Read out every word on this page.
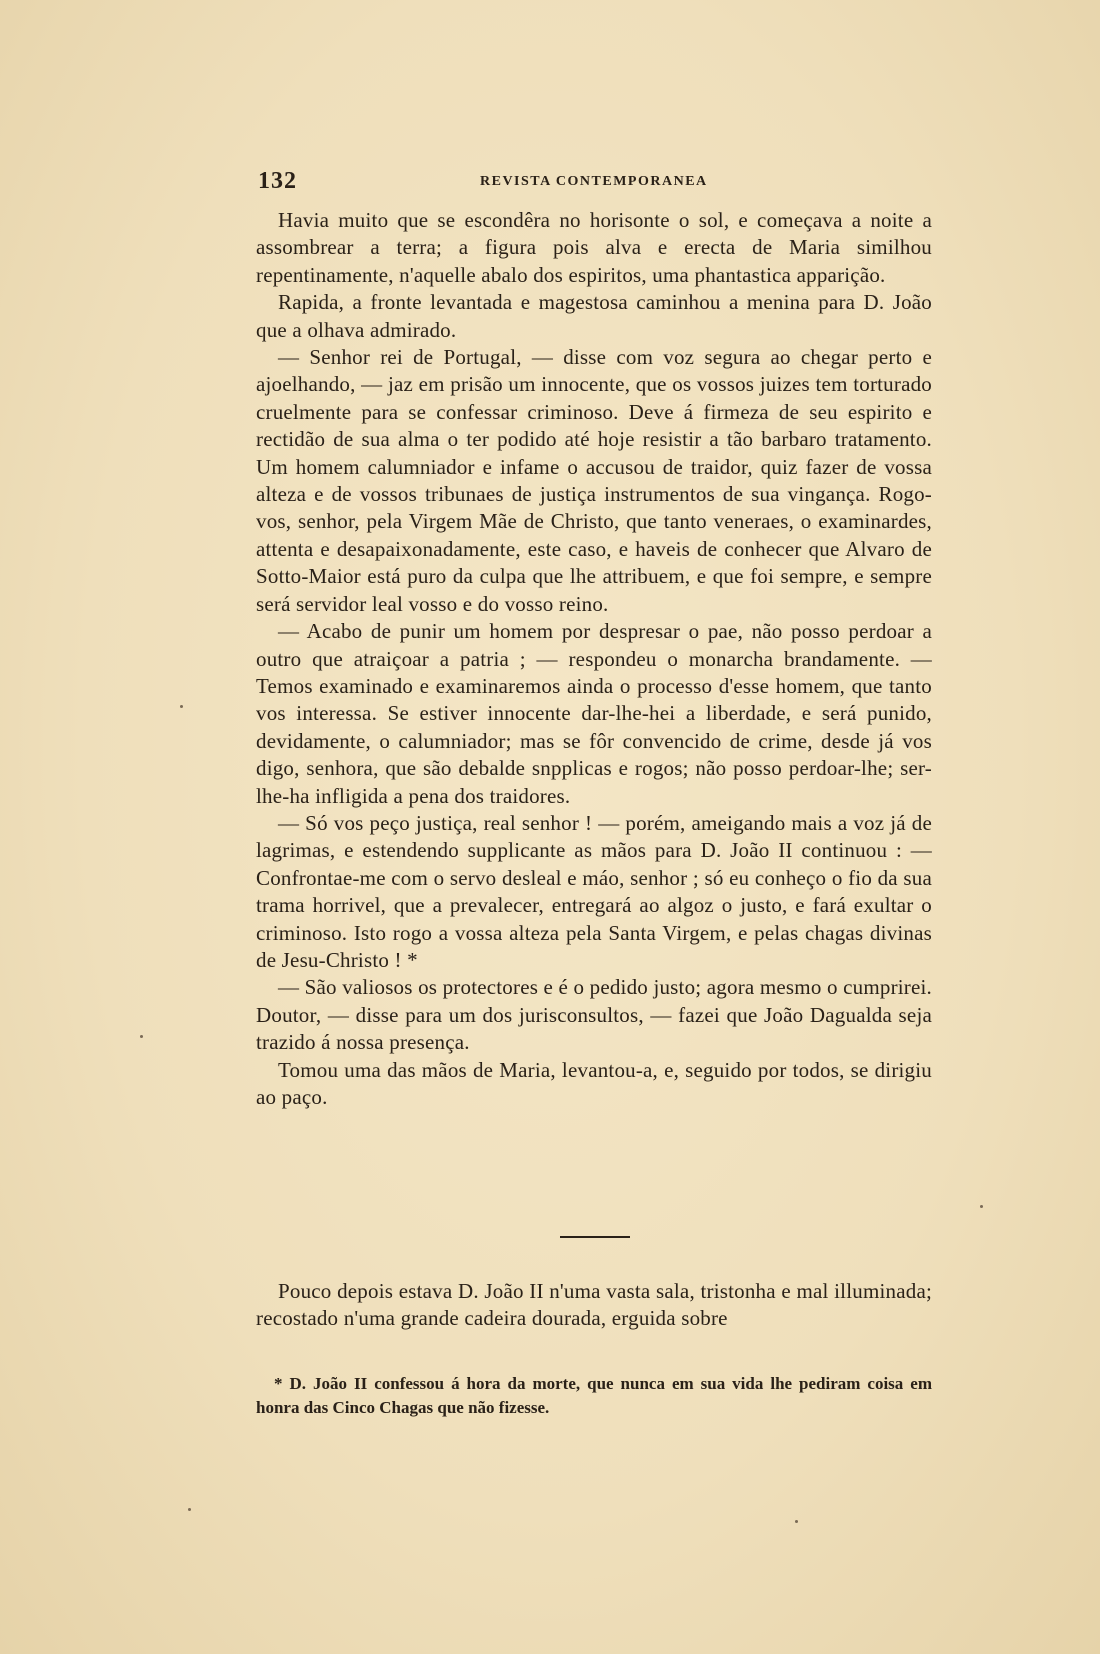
132	REVISTA CONTEMPORANEA

Havia muito que se escondêra no horisonte o sol, e começava a noite a assombrear a terra; a figura pois alva e erecta de Maria similhou repentinamente, n'aquelle abalo dos espiritos, uma phantastica apparição.

Rapida, a fronte levantada e magestosa caminhou a menina para D. João que a olhava admirado.

— Senhor rei de Portugal, — disse com voz segura ao chegar perto e ajoelhando, — jaz em prisão um innocente, que os vossos juizes tem torturado cruelmente para se confessar criminoso. Deve á firmeza de seu espirito e rectidão de sua alma o ter podido até hoje resistir a tão barbaro tratamento. Um homem calumniador e infame o accusou de traidor, quiz fazer de vossa alteza e de vossos tribunaes de justiça instrumentos de sua vingança. Rogo-vos, senhor, pela Virgem Mãe de Christo, que tanto veneraes, o examinardes, attenta e desapaixonadamente, este caso, e haveis de conhecer que Alvaro de Sotto-Maior está puro da culpa que lhe attribuem, e que foi sempre, e sempre será servidor leal vosso e do vosso reino.

— Acabo de punir um homem por despresar o pae, não posso perdoar a outro que atraiçoar a patria ; — respondeu o monarcha brandamente. — Temos examinado e examinaremos ainda o processo d'esse homem, que tanto vos interessa. Se estiver innocente dar-lhe-hei a liberdade, e será punido, devidamente, o calumniador; mas se fôr convencido de crime, desde já vos digo, senhora, que são debalde snpplicas e rogos; não posso perdoar-lhe; ser-lhe-ha infligida a pena dos traidores.

— Só vos peço justiça, real senhor ! — porém, ameigando mais a voz já de lagrimas, e estendendo supplicante as mãos para D. João II continuou : — Confrontae-me com o servo desleal e máo, senhor ; só eu conheço o fio da sua trama horrivel, que a prevalecer, entregará ao algoz o justo, e fará exultar o criminoso. Isto rogo a vossa alteza pela Santa Virgem, e pelas chagas divinas de Jesu-Christo ! *

— São valiosos os protectores e é o pedido justo; agora mesmo o cumprirei. Doutor, — disse para um dos jurisconsultos, — fazei que João Dagualda seja trazido á nossa presença.

Tomou uma das mãos de Maria, levantou-a, e, seguido por todos, se dirigiu ao paço.

Pouco depois estava D. João II n'uma vasta sala, tristonha e mal illuminada; recostado n'uma grande cadeira dourada, erguida sobre

* D. João II confessou á hora da morte, que nunca em sua vida lhe pediram coisa em honra das Cinco Chagas que não fizesse.
